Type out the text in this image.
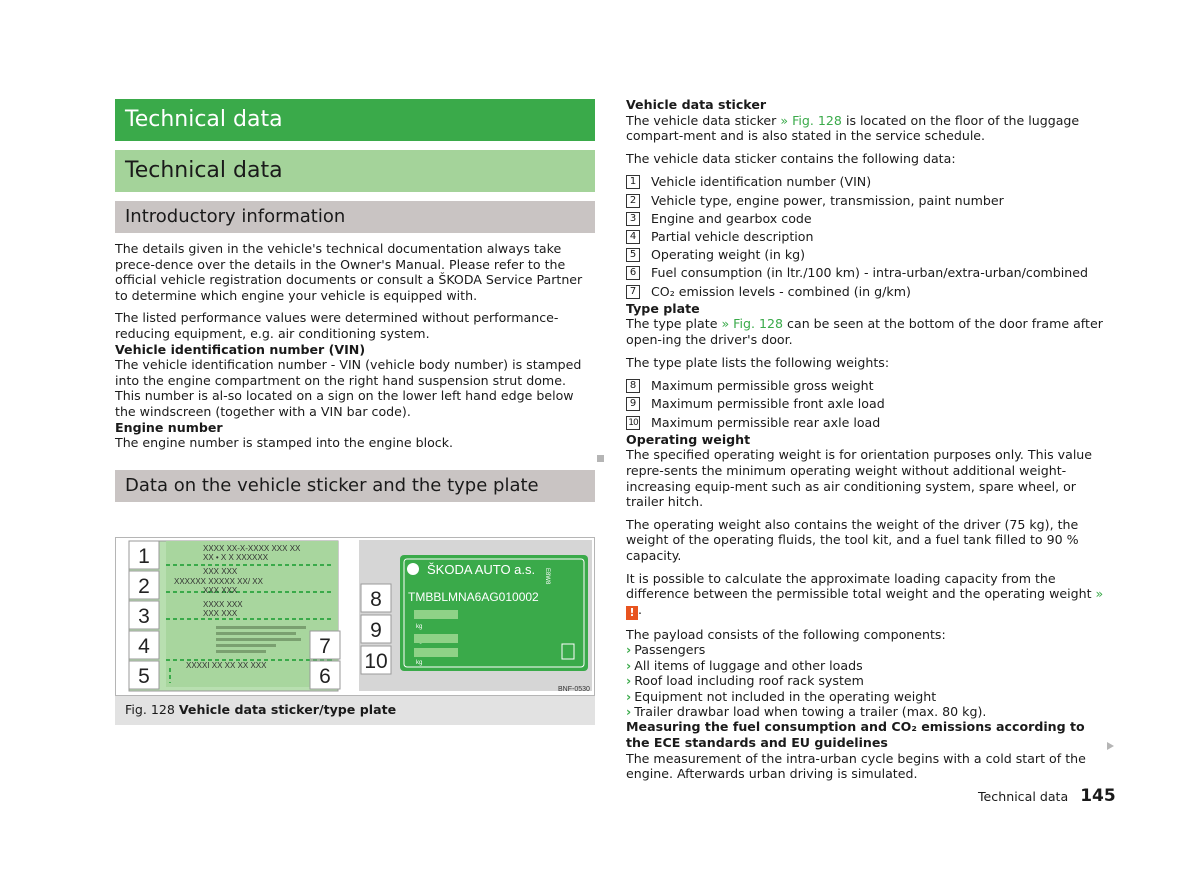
Technical data
Technical data
Introductory information

The details given in the vehicle's technical documentation always take prece-dence over the details in the Owner's Manual. Please refer to the official vehicle registration documents or consult a ŠKODA Service Partner to determine which engine your vehicle is equipped with.

The listed performance values were determined without performance-reducing equipment, e.g. air conditioning system.

Vehicle identification number (VIN)

The vehicle identification number - VIN (vehicle body number) is stamped into the engine compartment on the right hand suspension strut dome. This number is al-so located on a sign on the lower left hand edge below the windscreen (together with a VIN bar code).

Engine number

The engine number is stamped into the engine block.

Data on the vehicle sticker and the type plate
XXXX XX-X-XXXX XXX XX
XX • X X XXXXXX
XXX XXX
XXXXXX XXXXX XX/ XX
XXX XXX
XXXX XXX
XXX XXX
XXXXI XX XX XX XXX
1
2
3
4
5	6
7
ŠKODA AUTO a.s.
TMBBLMNA6AG010002
E8W8
kg
kg
8
9
10
BNF-0530
Fig. 128 Vehicle data sticker/type plate

Vehicle data sticker

The vehicle data sticker » Fig. 128 is located on the floor of the luggage compart-ment and is also stated in the service schedule.

The vehicle data sticker contains the following data:

1	Vehicle identification number (VIN)
2	Vehicle type, engine power, transmission, paint number
3	Engine and gearbox code
4	Partial vehicle description
5	Operating weight (in kg)
6	Fuel consumption (in ltr./100 km) - intra-urban/extra-urban/combined
7	CO₂ emission levels - combined (in g/km)

Type plate

The type plate » Fig. 128 can be seen at the bottom of the door frame after open-ing the driver's door.

The type plate lists the following weights:

8	Maximum permissible gross weight
9	Maximum permissible front axle load
10 Maximum permissible rear axle load

Operating weight

The specified operating weight is for orientation purposes only. This value repre-sents the minimum operating weight without additional weight-increasing equip-ment such as air conditioning system, spare wheel, or trailer hitch.

The operating weight also contains the weight of the driver (75 kg), the weight of the operating fluids, the tool kit, and a fuel tank filled to 90 % capacity.

It is possible to calculate the approximate loading capacity from the difference between the permissible total weight and the operating weight » ! .

The payload consists of the following components:

› Passengers
› All items of luggage and other loads
› Roof load including roof rack system
› Equipment not included in the operating weight
› Trailer drawbar load when towing a trailer (max. 80 kg).

Measuring the fuel consumption and CO₂ emissions according to the ECE standards and EU guidelines

The measurement of the intra-urban cycle begins with a cold start of the engine. Afterwards urban driving is simulated.

Technical data 145
